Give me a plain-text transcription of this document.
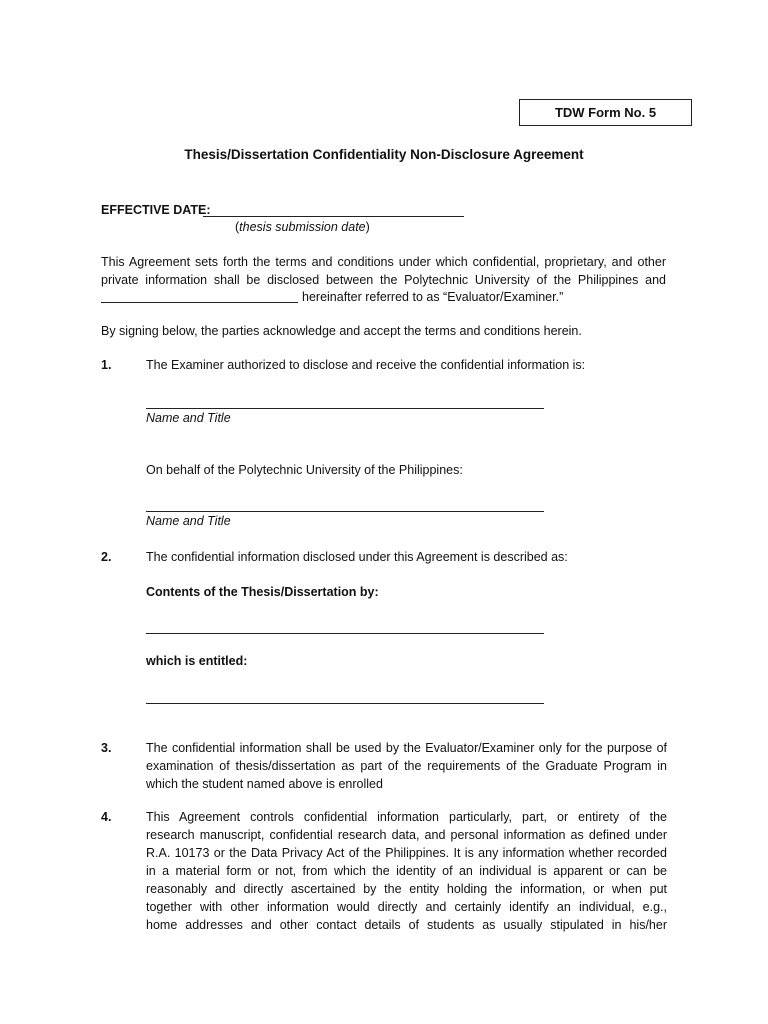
TDW Form No. 5
Thesis/Dissertation Confidentiality Non-Disclosure Agreement
EFFECTIVE DATE:
(thesis submission date)
This Agreement sets forth the terms and conditions under which confidential, proprietary, and other
private information shall be disclosed between the Polytechnic University of the Philippines and
hereinafter referred to as “Evaluator/Examiner.”
By signing below, the parties acknowledge and accept the terms and conditions herein.
1.	The Examiner authorized to disclose and receive the confidential information is:
Name and Title
On behalf of the Polytechnic University of the Philippines:
Name and Title
2.	The confidential information disclosed under this Agreement is described as:
Contents of the Thesis/Dissertation by:
which is entitled:
3.	The confidential information shall be used by the Evaluator/Examiner only for the purpose of
examination of thesis/dissertation as part of the requirements of the Graduate Program in
which the student named above is enrolled
4.	This Agreement controls confidential information particularly, part, or entirety of the
research manuscript, confidential research data, and personal information as defined under
R.A. 10173 or the Data Privacy Act of the Philippines. It is any information whether recorded
in a material form or not, from which the identity of an individual is apparent or can be
reasonably and directly ascertained by the entity holding the information, or when put
together with other information would directly and certainly identify an individual, e.g.,
home addresses and other contact details of students as usually stipulated in his/her
